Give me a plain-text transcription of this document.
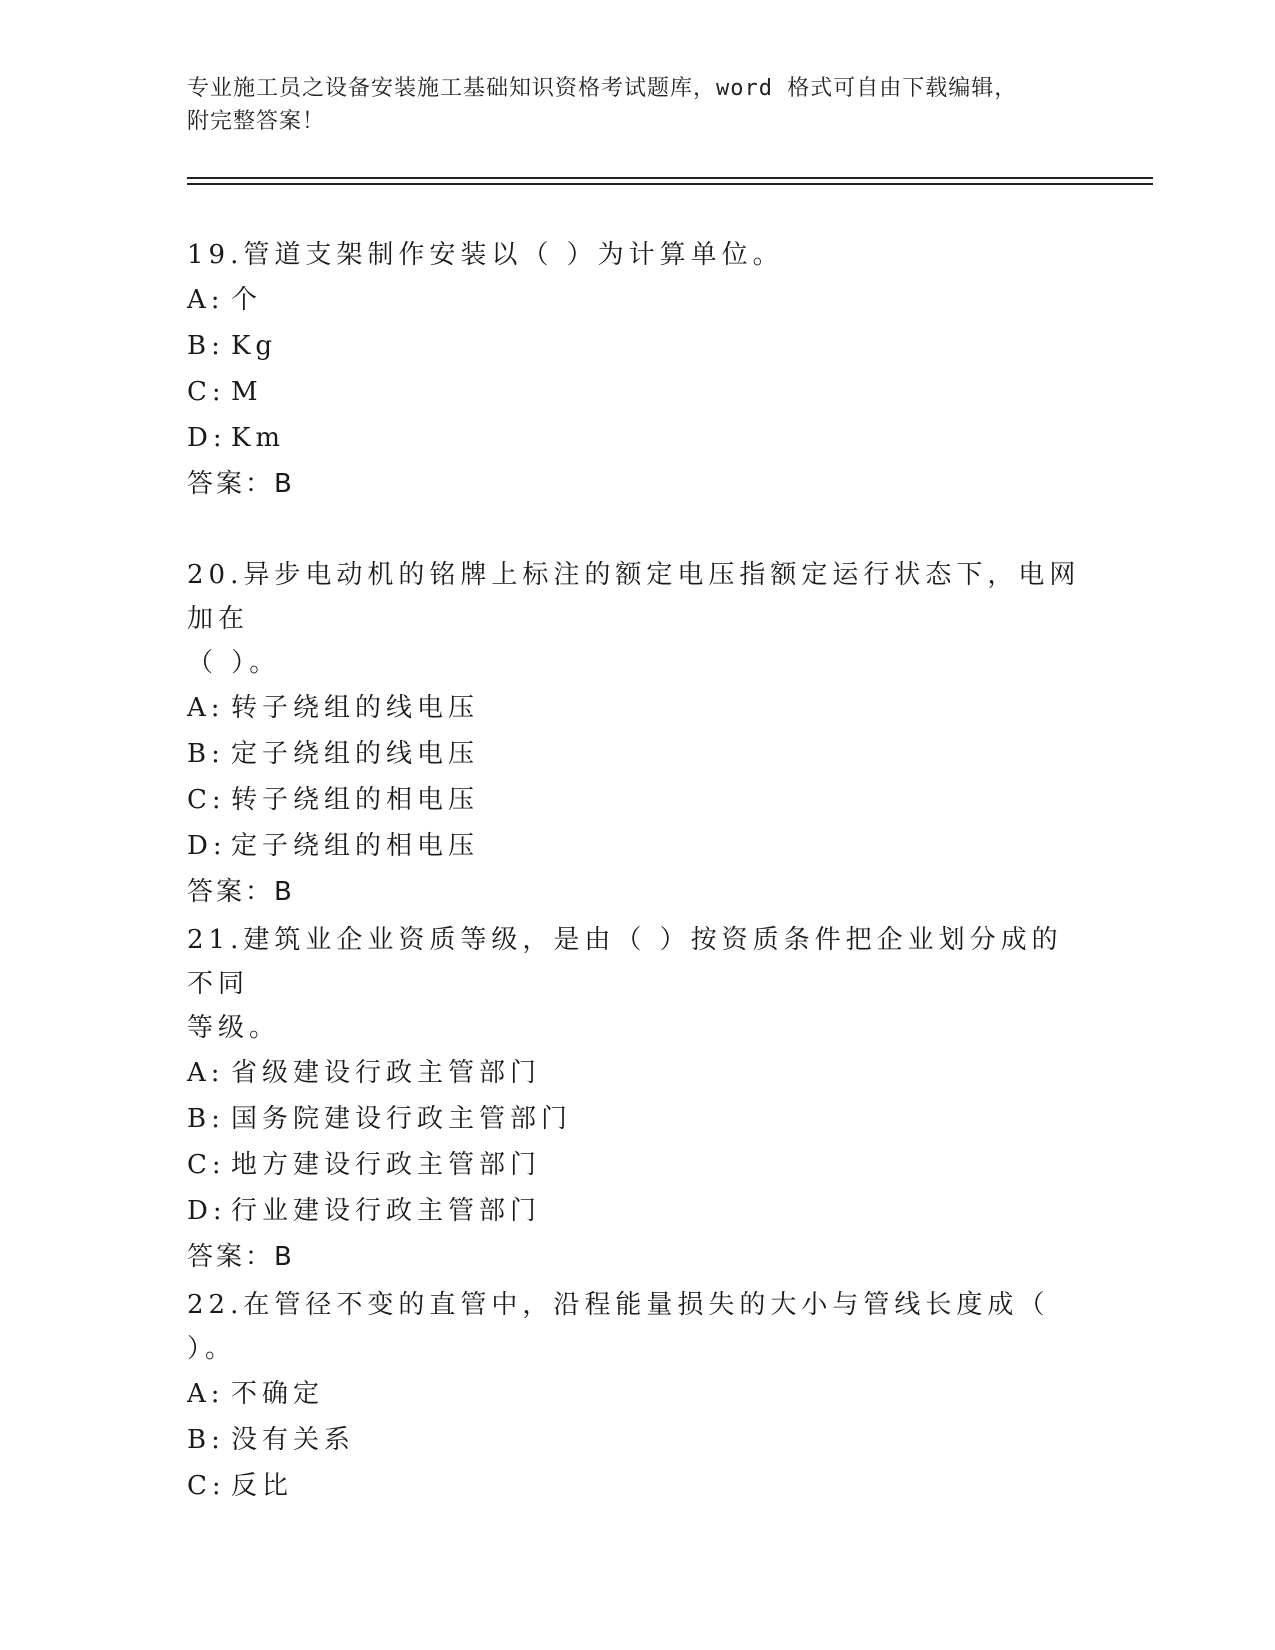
专业施工员之设备安装施工基础知识资格考试题库，word 格式可自由下载编辑，
附完整答案！

19.管道支架制作安装以（ ）为计算单位。

A: 个

B: Kg

C: M

D: Km

答案：B

20.异步电动机的铭牌上标注的额定电压指额定运行状态下，电网加在

（ ）。

A: 转子绕组的线电压

B: 定子绕组的线电压

C: 转子绕组的相电压

D: 定子绕组的相电压

答案：B

21.建筑业企业资质等级，是由（ ）按资质条件把企业划分成的不同

等级。

A: 省级建设行政主管部门

B: 国务院建设行政主管部门

C: 地方建设行政主管部门

D: 行业建设行政主管部门

答案：B

22.在管径不变的直管中，沿程能量损失的大小与管线长度成（ ）。

A: 不确定

B: 没有关系

C: 反比
